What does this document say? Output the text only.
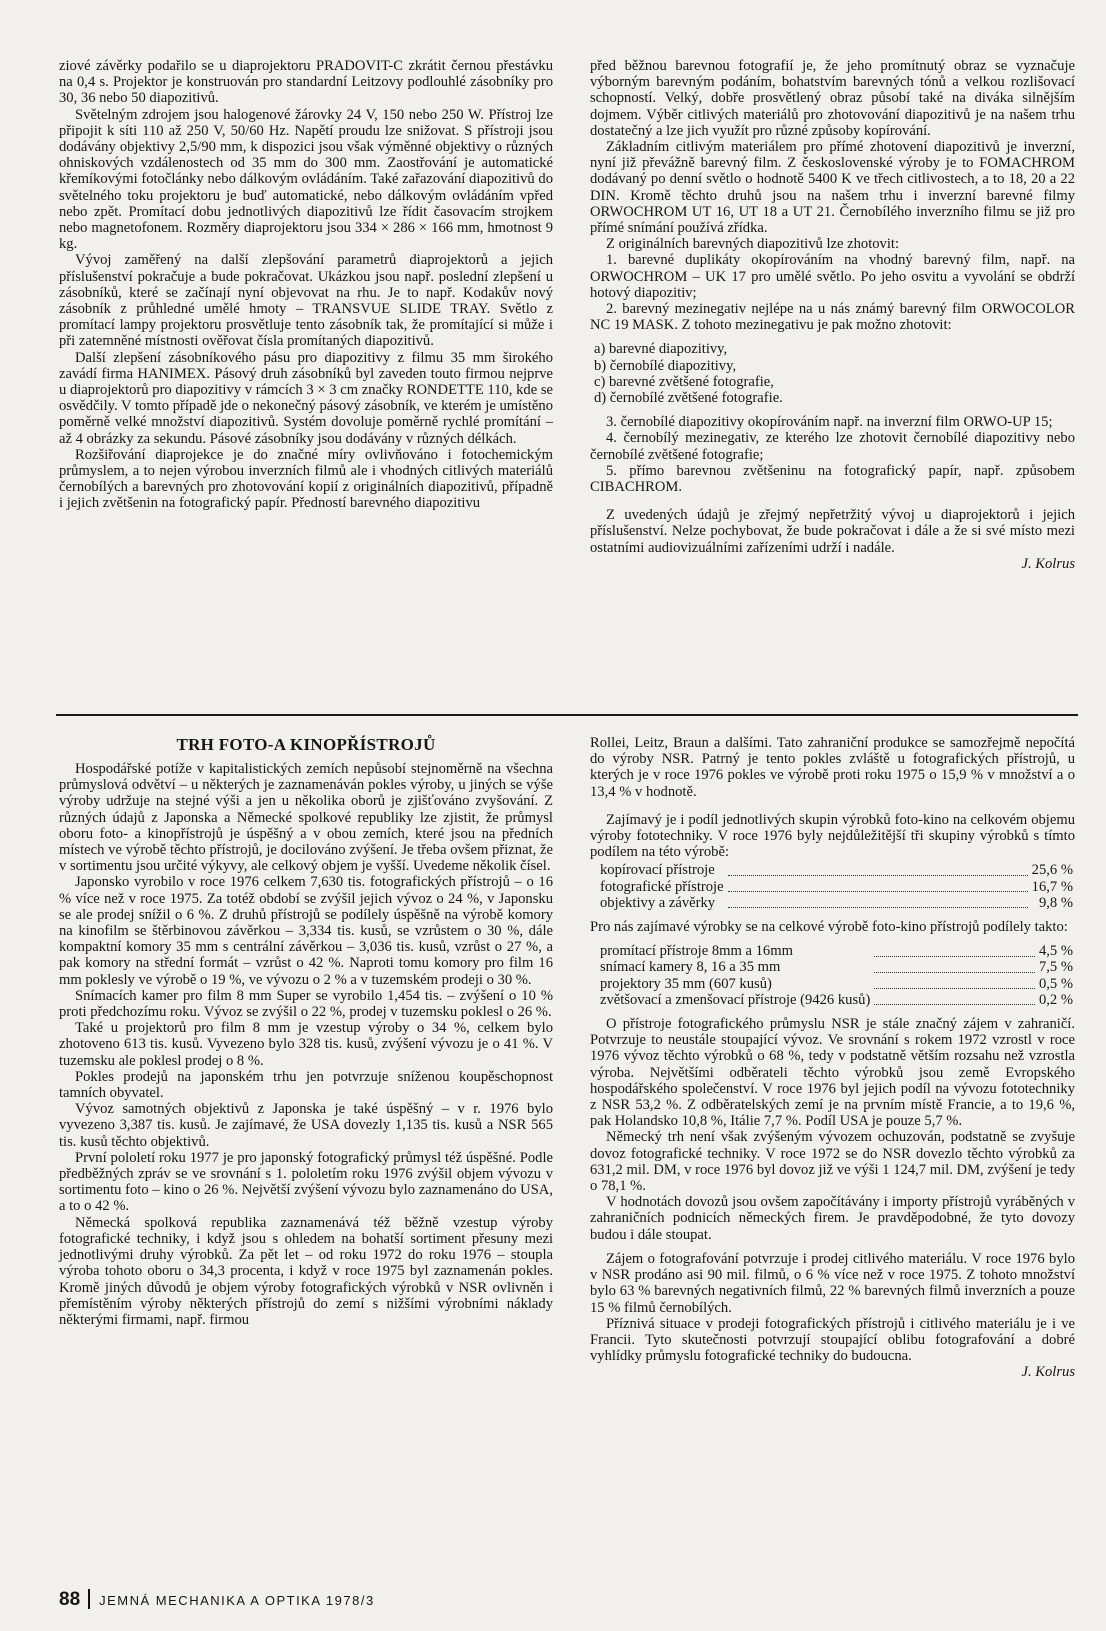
ziové závěrky podařilo se u diaprojektoru PRADOVIT-C zkrátit černou přestávku na 0,4 s. Projektor je konstruován pro standardní Leitzovy podlouhlé zásobníky pro 30, 36 nebo 50 diapozitivů.

Světelným zdrojem jsou halogenové žárovky 24 V, 150 nebo 250 W. Přístroj lze připojit k síti 110 až 250 V, 50/60 Hz. Napětí proudu lze snižovat. S přístroji jsou dodávány objektivy 2,5/90 mm, k dispozici jsou však výměnné objektivy o různých ohniskových vzdálenostech od 35 mm do 300 mm. Zaostřování je automatické křemíkovými fotočlánky nebo dálkovým ovládáním. Také zařazování diapozitivů do světelného toku projektoru je buď automatické, nebo dálkovým ovládáním vpřed nebo zpět. Promítací dobu jednotlivých diapozitivů lze řídit časovacím strojkem nebo magnetofonem. Rozměry diaprojektoru jsou 334 × 286 × 166 mm, hmotnost 9 kg.

Vývoj zaměřený na další zlepšování parametrů diaprojektorů a jejich příslušenství pokračuje a bude pokračovat. Ukázkou jsou např. poslední zlepšení u zásobníků, které se začínají nyní objevovat na rhu. Je to např. Kodakův nový zásobník z průhledné umělé hmoty – TRANSVUE SLIDE TRAY. Světlo z promítací lampy projektoru prosvětluje tento zásobník tak, že promítající si může i při zatemněné místnosti ověřovat čísla promítaných diapozitivů.

Další zlepšení zásobníkového pásu pro diapozitivy z filmu 35 mm širokého zavádí firma HANIMEX. Pásový druh zásobníků byl zaveden touto firmou nejprve u diaprojektorů pro diapozitivy v rámcích 3 × 3 cm značky RONDETTE 110, kde se osvědčily. V tomto případě jde o nekonečný pásový zásobník, ve kterém je umístěno poměrně velké množství diapozitivů. Systém dovoluje poměrně rychlé promítání – až 4 obrázky za sekundu. Pásové zásobníky jsou dodávány v různých délkách.

Rozšiřování diaprojekce je do značné míry ovlivňováno i fotochemickým průmyslem, a to nejen výrobou inverzních filmů ale i vhodných citlivých materiálů černobílých a barevných pro zhotovování kopií z originálních diapozitivů, případně i jejich zvětšenin na fotografický papír. Předností barevného diapozitivu

před běžnou barevnou fotografií je, že jeho promítnutý obraz se vyznačuje výborným barevným podáním, bohatstvím barevných tónů a velkou rozlišovací schopností. Velký, dobře prosvětlený obraz působí také na diváka silnějším dojmem. Výběr citlivých materiálů pro zhotovování diapozitivů je na našem trhu dostatečný a lze jich využít pro různé způsoby kopírování.

Základním citlivým materiálem pro přímé zhotovení diapozitivů je inverzní, nyní již převážně barevný film. Z československé výroby je to FOMACHROM dodávaný po denní světlo o hodnotě 5400 K ve třech citlivostech, a to 18, 20 a 22 DIN. Kromě těchto druhů jsou na našem trhu i inverzní barevné filmy ORWOCHROM UT 16, UT 18 a UT 21. Černobílého inverzního filmu se již pro přímé snímání používá zřídka.

Z originálních barevných diapozitivů lze zhotovit:

1. barevné duplikáty okopírováním na vhodný barevný film, např. na ORWOCHROM – UK 17 pro umělé světlo. Po jeho osvitu a vyvolání se obdrží hotový diapozitiv;

2. barevný mezinegativ nejlépe na u nás známý barevný film ORWOCOLOR NC 19 MASK. Z tohoto mezinegativu je pak možno zhotovit:

a) barevné diapozitivy,

b) černobílé diapozitivy,

c) barevné zvětšené fotografie,

d) černobílé zvětšené fotografie.

3. černobílé diapozitivy okopírováním např. na inverzní film ORWO-UP 15;

4. černobílý mezinegativ, ze kterého lze zhotovit černobílé diapozitivy nebo černobílé zvětšené fotografie;

5. přímo barevnou zvětšeninu na fotografický papír, např. způsobem CIBACHROM.

Z uvedených údajů je zřejmý nepřetržitý vývoj u diaprojektorů i jejich příslušenství. Nelze pochybovat, že bude pokračovat i dále a že si své místo mezi ostatními audiovizuálními zařízeními udrží i nadále.

J. Kolrus

TRH FOTO-A KINOPŘÍSTROJŮ

Hospodářské potíže v kapitalistických zemích nepůsobí stejnoměrně na všechna průmyslová odvětví – u některých je zaznamenáván pokles výroby, u jiných se výše výroby udržuje na stejné výši a jen u několika oborů je zjišťováno zvyšování. Z různých údajů z Japonska a Německé spolkové republiky lze zjistit, že průmysl oboru foto- a kinopřístrojů je úspěšný a v obou zemích, které jsou na předních místech ve výrobě těchto přístrojů, je docilováno zvýšení. Je třeba ovšem přiznat, že v sortimentu jsou určité výkyvy, ale celkový objem je vyšší. Uvedeme několik čísel.

Japonsko vyrobilo v roce 1976 celkem 7,630 tis. fotografických přístrojů – o 16 % více než v roce 1975. Za totéž období se zvýšil jejich vývoz o 24 %, v Japonsku se ale prodej snížil o 6 %. Z druhů přístrojů se podílely úspěšně na výrobě komory na kinofilm se štěrbinovou závěrkou – 3,334 tis. kusů, se vzrůstem o 30 %, dále kompaktní komory 35 mm s centrální závěrkou – 3,036 tis. kusů, vzrůst o 27 %, a pak komory na střední formát – vzrůst o 42 %. Naproti tomu komory pro film 16 mm poklesly ve výrobě o 19 %, ve vývozu o 2 % a v tuzemském prodeji o 30 %.

Snímacích kamer pro film 8 mm Super se vyrobilo 1,454 tis. – zvýšení o 10 % proti předchozímu roku. Vývoz se zvýšil o 22 %, prodej v tuzemsku poklesl o 26 %.

Také u projektorů pro film 8 mm je vzestup výroby o 34 %, celkem bylo zhotoveno 613 tis. kusů. Vyvezeno bylo 328 tis. kusů, zvýšení vývozu je o 41 %. V tuzemsku ale poklesl prodej o 8 %.

Pokles prodejů na japonském trhu jen potvrzuje sníženou koupěschopnost tamních obyvatel.

Vývoz samotných objektivů z Japonska je také úspěšný – v r. 1976 bylo vyvezeno 3,387 tis. kusů. Je zajímavé, že USA dovezly 1,135 tis. kusů a NSR 565 tis. kusů těchto objektivů.

První pololetí roku 1977 je pro japonský fotografický průmysl též úspěšné. Podle předběžných zpráv se ve srovnání s 1. pololetím roku 1976 zvýšil objem vývozu v sortimentu foto – kino o 26 %. Největší zvýšení vývozu bylo zaznamenáno do USA, a to o 42 %.

Německá spolková republika zaznamenává též běžně vzestup výroby fotografické techniky, i když jsou s ohledem na bohatší sortiment přesuny mezi jednotlivými druhy výrobků. Za pět let – od roku 1972 do roku 1976 – stoupla výroba tohoto oboru o 34,3 procenta, i když v roce 1975 byl zaznamenán pokles. Kromě jiných důvodů je objem výroby fotografických výrobků v NSR ovlivněn i přemístěním výroby některých přístrojů do zemí s nižšími výrobními náklady některými firmami, např. firmou

Rollei, Leitz, Braun a dalšími. Tato zahraniční produkce se samozřejmě nepočítá do výroby NSR. Patrný je tento pokles zvláště u fotografických přístrojů, u kterých je v roce 1976 pokles ve výrobě proti roku 1975 o 15,9 % v množství a o 13,4 % v hodnotě.

Zajímavý je i podíl jednotlivých skupin výrobků foto-kino na celkovém objemu výroby fototechniky. V roce 1976 byly nejdůležitější tři skupiny výrobků s tímto podílem na této výrobě:

kopírovací přístroje		25,6 %
fotografické přístroje		16,7 %
objektivy a závěrky		9,8 %

Pro nás zajímavé výrobky se na celkové výrobě foto-kino přístrojů podílely takto:

promítací přístroje 8mm a 16mm		4,5 %
snímací kamery 8, 16 a 35 mm		7,5 %
projektory 35 mm (607 kusů)		0,5 %
zvětšovací a zmenšovací přístroje (9426 kusů)		0,2 %

O přístroje fotografického průmyslu NSR je stále značný zájem v zahraničí. Potvrzuje to neustále stoupající vývoz. Ve srovnání s rokem 1972 vzrostl v roce 1976 vývoz těchto výrobků o 68 %, tedy v podstatně větším rozsahu než vzrostla výroba. Největšími odběrateli těchto výrobků jsou země Evropského hospodářského společenství. V roce 1976 byl jejich podíl na vývozu fototechniky z NSR 53,2 %. Z odběratelských zemí je na prvním místě Francie, a to 19,6 %, pak Holandsko 10,8 %, Itálie 7,7 %. Podíl USA je pouze 5,7 %.

Německý trh není však zvýšeným vývozem ochuzován, podstatně se zvyšuje dovoz fotografické techniky. V roce 1972 se do NSR dovezlo těchto výrobků za 631,2 mil. DM, v roce 1976 byl dovoz již ve výši 1 124,7 mil. DM, zvýšení je tedy o 78,1 %.

V hodnotách dovozů jsou ovšem započítávány i importy přístrojů vyráběných v zahraničních podnicích německých firem. Je pravděpodobné, že tyto dovozy budou i dále stoupat.

Zájem o fotografování potvrzuje i prodej citlivého materiálu. V roce 1976 bylo v NSR prodáno asi 90 mil. filmů, o 6 % více než v roce 1975. Z tohoto množství bylo 63 % barevných negativních filmů, 22 % barevných filmů inverzních a pouze 15 % filmů černobílých.

Příznivá situace v prodeji fotografických přístrojů i citlivého materiálu je i ve Francii. Tyto skutečnosti potvrzují stoupající oblibu fotografování a dobré vyhlídky průmyslu fotografické techniky do budoucna.

J. Kolrus

88 JEMNÁ MECHANIKA A OPTIKA 1978/3
